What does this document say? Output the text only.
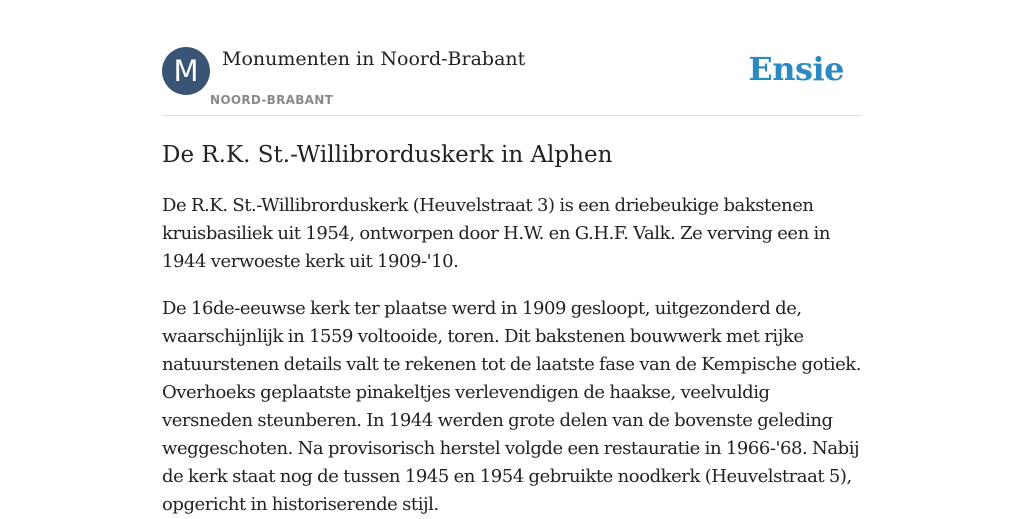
M	Monumenten in Noord-Brabant
NOORD-BRABANT
Ensie
De R.K. St.-Willibrorduskerk in Alphen

De R.K. St.-Willibrorduskerk (Heuvelstraat 3) is een driebeukige bakstenen kruisbasiliek uit 1954, ontworpen door H.W. en G.H.F. Valk. Ze verving een in 1944 verwoeste kerk uit 1909-'10.

De 16de-eeuwse kerk ter plaatse werd in 1909 gesloopt, uitgezonderd de, waarschijnlijk in 1559 voltooide, toren. Dit bakstenen bouwwerk met rijke natuurstenen details valt te rekenen tot de laatste fase van de Kempische gotiek. Overhoeks geplaatste pinakeltjes verlevendigen de haakse, veelvuldig versneden steunberen. In 1944 werden grote delen van de bovenste geleding weggeschoten. Na provisorisch herstel volgde een restauratie in 1966-'68. Nabij de kerk staat nog de tussen 1945 en 1954 gebruikte noodkerk (Heuvelstraat 5), opgericht in historiserende stijl.
